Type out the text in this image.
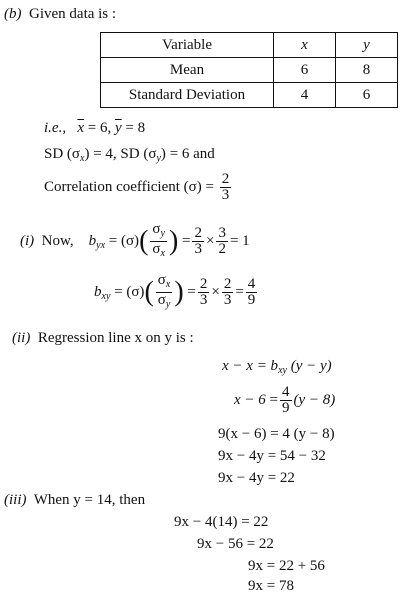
(b) Given data is :
Variable	x	y
Mean	6	8
Standard Deviation	4	6
i.e., $\overline{x} = 6$, $\overline{y} = 8$
SD $(\sigma_x) = 4$, SD $(\sigma_y) = 6$ and
Correlation coefficient $(\sigma) = \frac{2}{3}$
(i) Now, $b_{yx} = (\sigma)( \frac{\sigma_y}{\sigma_x}$ ) = $\frac{2}{3} \times \frac{3}{2} = 1$
$b_{xy} = (\sigma)( \frac{\sigma_x}{\sigma_y}$ ) = $\frac{2}{3} \times \frac{2}{3} = \frac{4}{9}$
(ii) Regression line x on y is :
$x - x = b_{xy}$ (y − y)
$x - 6 = \frac{4}{9} (y - 8)$
9(x − 6) = 4 (y − 8)
9x − 4y = 54 − 32
9x − 4y = 22
(iii) When y = 14, then
9x − 4(14) = 22
9x − 56 = 22
9x = 22 + 56
9x = 78
